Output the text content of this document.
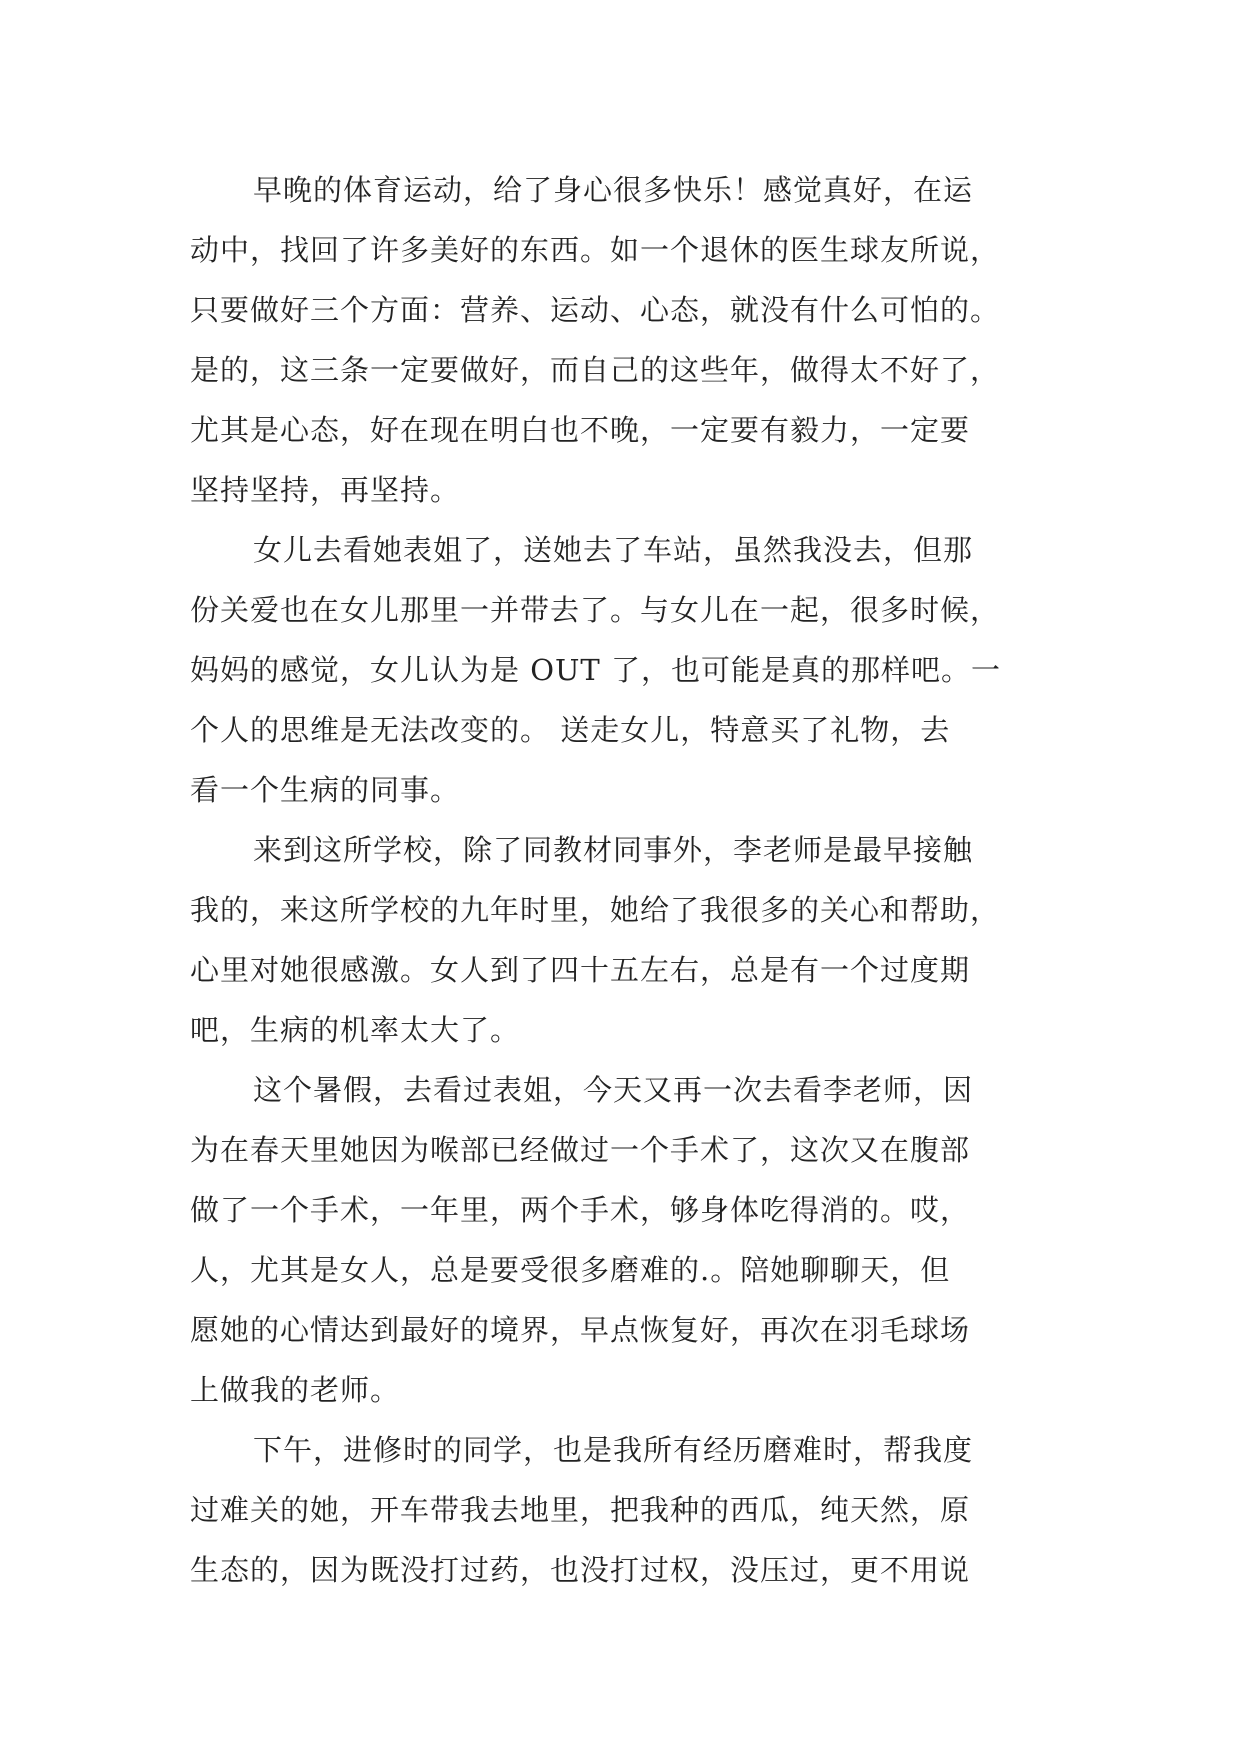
早晚的体育运动，给了身心很多快乐！感觉真好，在运
动中，找回了许多美好的东西。如一个退休的医生球友所说，
只要做好三个方面：营养、运动、心态，就没有什么可怕的。
是的，这三条一定要做好，而自己的这些年，做得太不好了，
尤其是心态，好在现在明白也不晚，一定要有毅力，一定要
坚持坚持，再坚持。
女儿去看她表姐了，送她去了车站，虽然我没去，但那
份关爱也在女儿那里一并带去了。与女儿在一起，很多时候，
妈妈的感觉，女儿认为是 OUT 了，也可能是真的那样吧。一
个人的思维是无法改变的。 送走女儿，特意买了礼物，去
看一个生病的同事。
来到这所学校，除了同教材同事外，李老师是最早接触
我的，来这所学校的九年时里，她给了我很多的关心和帮助，
心里对她很感激。女人到了四十五左右，总是有一个过度期
吧，生病的机率太大了。
这个暑假，去看过表姐，今天又再一次去看李老师，因
为在春天里她因为喉部已经做过一个手术了，这次又在腹部
做了一个手术，一年里，两个手术，够身体吃得消的。哎，
人，尤其是女人，总是要受很多磨难的.。陪她聊聊天，但
愿她的心情达到最好的境界，早点恢复好，再次在羽毛球场
上做我的老师。
下午，进修时的同学，也是我所有经历磨难时，帮我度
过难关的她，开车带我去地里，把我种的西瓜，纯天然，原
生态的，因为既没打过药，也没打过权，没压过，更不用说
